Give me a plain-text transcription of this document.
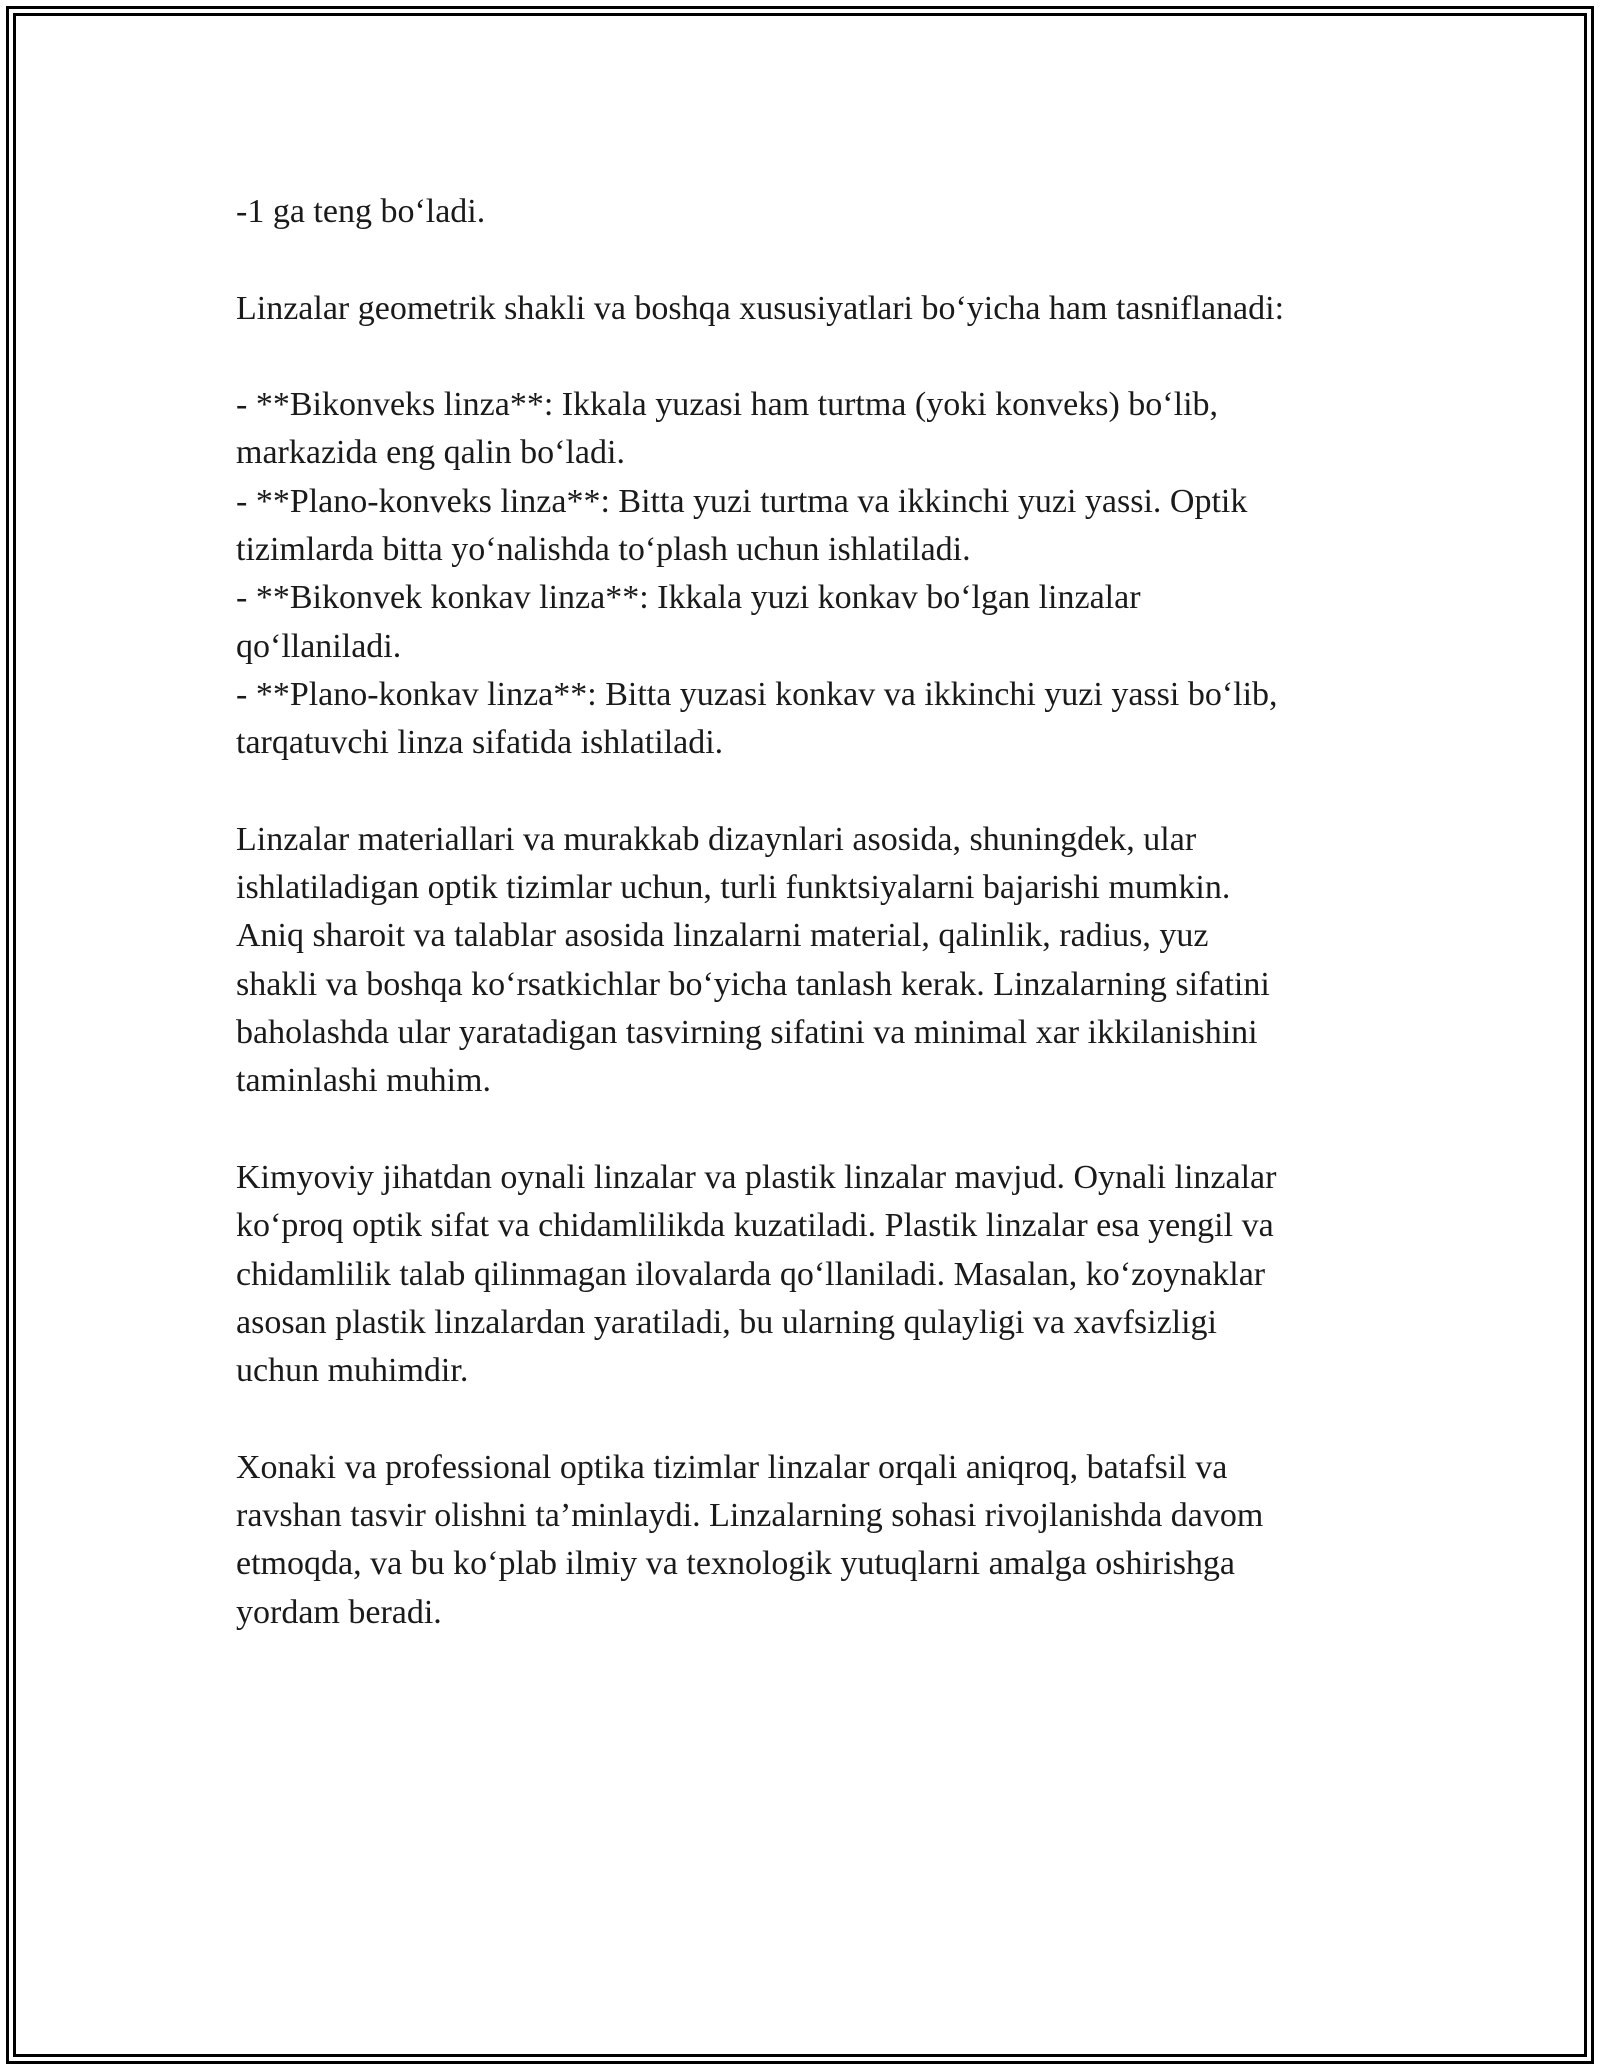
-1 ga teng bo‘ladi.

Linzalar geometrik shakli va boshqa xususiyatlari bo‘yicha ham tasniflanadi:

- **Bikonveks linza**: Ikkala yuzasi ham turtma (yoki konveks) bo‘lib,

markazida eng qalin bo‘ladi.

- **Plano-konveks linza**: Bitta yuzi turtma va ikkinchi yuzi yassi. Optik

tizimlarda bitta yo‘nalishda to‘plash uchun ishlatiladi.

- **Bikonvek konkav linza**: Ikkala yuzi konkav bo‘lgan linzalar

qo‘llaniladi.

- **Plano-konkav linza**: Bitta yuzasi konkav va ikkinchi yuzi yassi bo‘lib,

tarqatuvchi linza sifatida ishlatiladi.

Linzalar materiallari va murakkab dizaynlari asosida, shuningdek, ular

ishlatiladigan optik tizimlar uchun, turli funktsiyalarni bajarishi mumkin.

Aniq sharoit va talablar asosida linzalarni material, qalinlik, radius, yuz

shakli va boshqa ko‘rsatkichlar bo‘yicha tanlash kerak. Linzalarning sifatini

baholashda ular yaratadigan tasvirning sifatini va minimal xar ikkilanishini

taminlashi muhim.

Kimyoviy jihatdan oynali linzalar va plastik linzalar mavjud. Oynali linzalar

ko‘proq optik sifat va chidamlilikda kuzatiladi. Plastik linzalar esa yengil va

chidamlilik talab qilinmagan ilovalarda qo‘llaniladi. Masalan, ko‘zoynaklar

asosan plastik linzalardan yaratiladi, bu ularning qulayligi va xavfsizligi

uchun muhimdir.

Xonaki va professional optika tizimlar linzalar orqali aniqroq, batafsil va

ravshan tasvir olishni ta’minlaydi. Linzalarning sohasi rivojlanishda davom

etmoqda, va bu ko‘plab ilmiy va texnologik yutuqlarni amalga oshirishga

yordam beradi.
